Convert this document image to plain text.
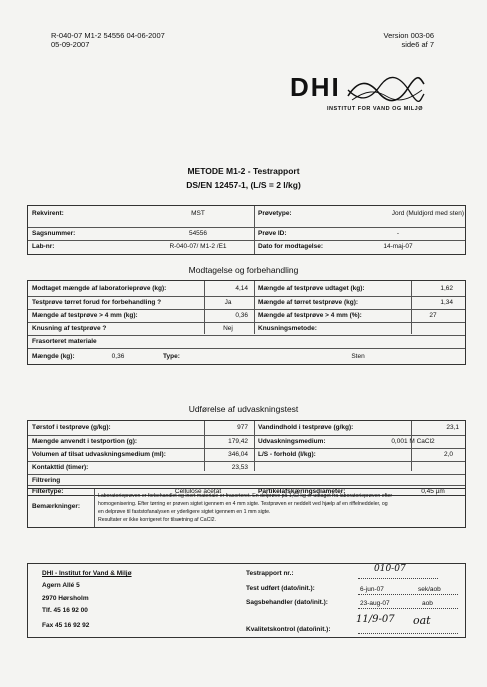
R-040-07 M1-2 54556 04-06-2007
05-09-2007
Version 003-06
side6 af 7
DHI
INSTITUT FOR VAND OG MILJØ
METODE M1-2 - Testrapport
DS/EN 12457-1, (L/S = 2 l/kg)
Rekvirent:	MST	Prøvetype:	Jord (Muldjord med sten)
Sagsnummer:	54556	Prøve ID:	-
Lab-nr:	R-040-07/ M1-2 /E1	Dato for modtagelse:	14-maj-07
Modtagelse og forbehandling
Modtaget mængde af laboratorieprøve (kg):	4,14 Mængde af testprøve udtaget (kg):	1,62
Testprøve tørret forud for forbehandling ?	Ja	Mængde af tørret testprøve (kg):	1,34
Mængde af testprøve > 4 mm (kg):	0,36 Mængde af testprøve > 4 mm (%):	27
Knusning af testprøve ?	Nej	Knusningsmetode:
Frasorteret materiale
Mængde (kg):	0,36	Type:	Sten
Udførelse af udvaskningstest
Tørstof i testprøve (g/kg):	977 Vandindhold i testprøve (g/kg):	23,1
Mængde anvendt i testportion (g):	179,42 Udvaskningsmedium:	0,001 M CaCl2
Volumen af tilsat udvaskningsmedium (ml):	346,04 L/S - forhold (l/kg):	2,0
Kontakttid (timer):	23,53
Filtrering
Filtertype:	Cellulose acetat	Partikelafskæringsdiameter:	0,45 µm
Bemærkninger:
Laboratorieprøven er forbehandlet og inert materiale er frasorteret. En delprøve på 1,62 kg er udtaget fra laboratorieprøven efter
homogenisering. Efter tørring er prøven sigtet igennem en 4 mm sigte. Testprøven er neddelt ved hjælp af en riffelneddeler, og
en delprøve til faststofanalysen er yderligere sigtet igennem en 1 mm sigte.
Resultater er ikke korrigeret for tilsætning af CaCl2.
DHI - Institut for Vand & Miljø
Agern Allé 5
2970 Hørsholm
Tlf. 45 16 92 00
Fax 45 16 92 92
Testrapport nr.:	010-07
Test udført (dato/init.):	6-jun-07	sek/aob
Sagsbehandler (dato/init.):	23-aug-07	aob
Kvalitetskontrol (dato/init.):
11/9-07 oat
